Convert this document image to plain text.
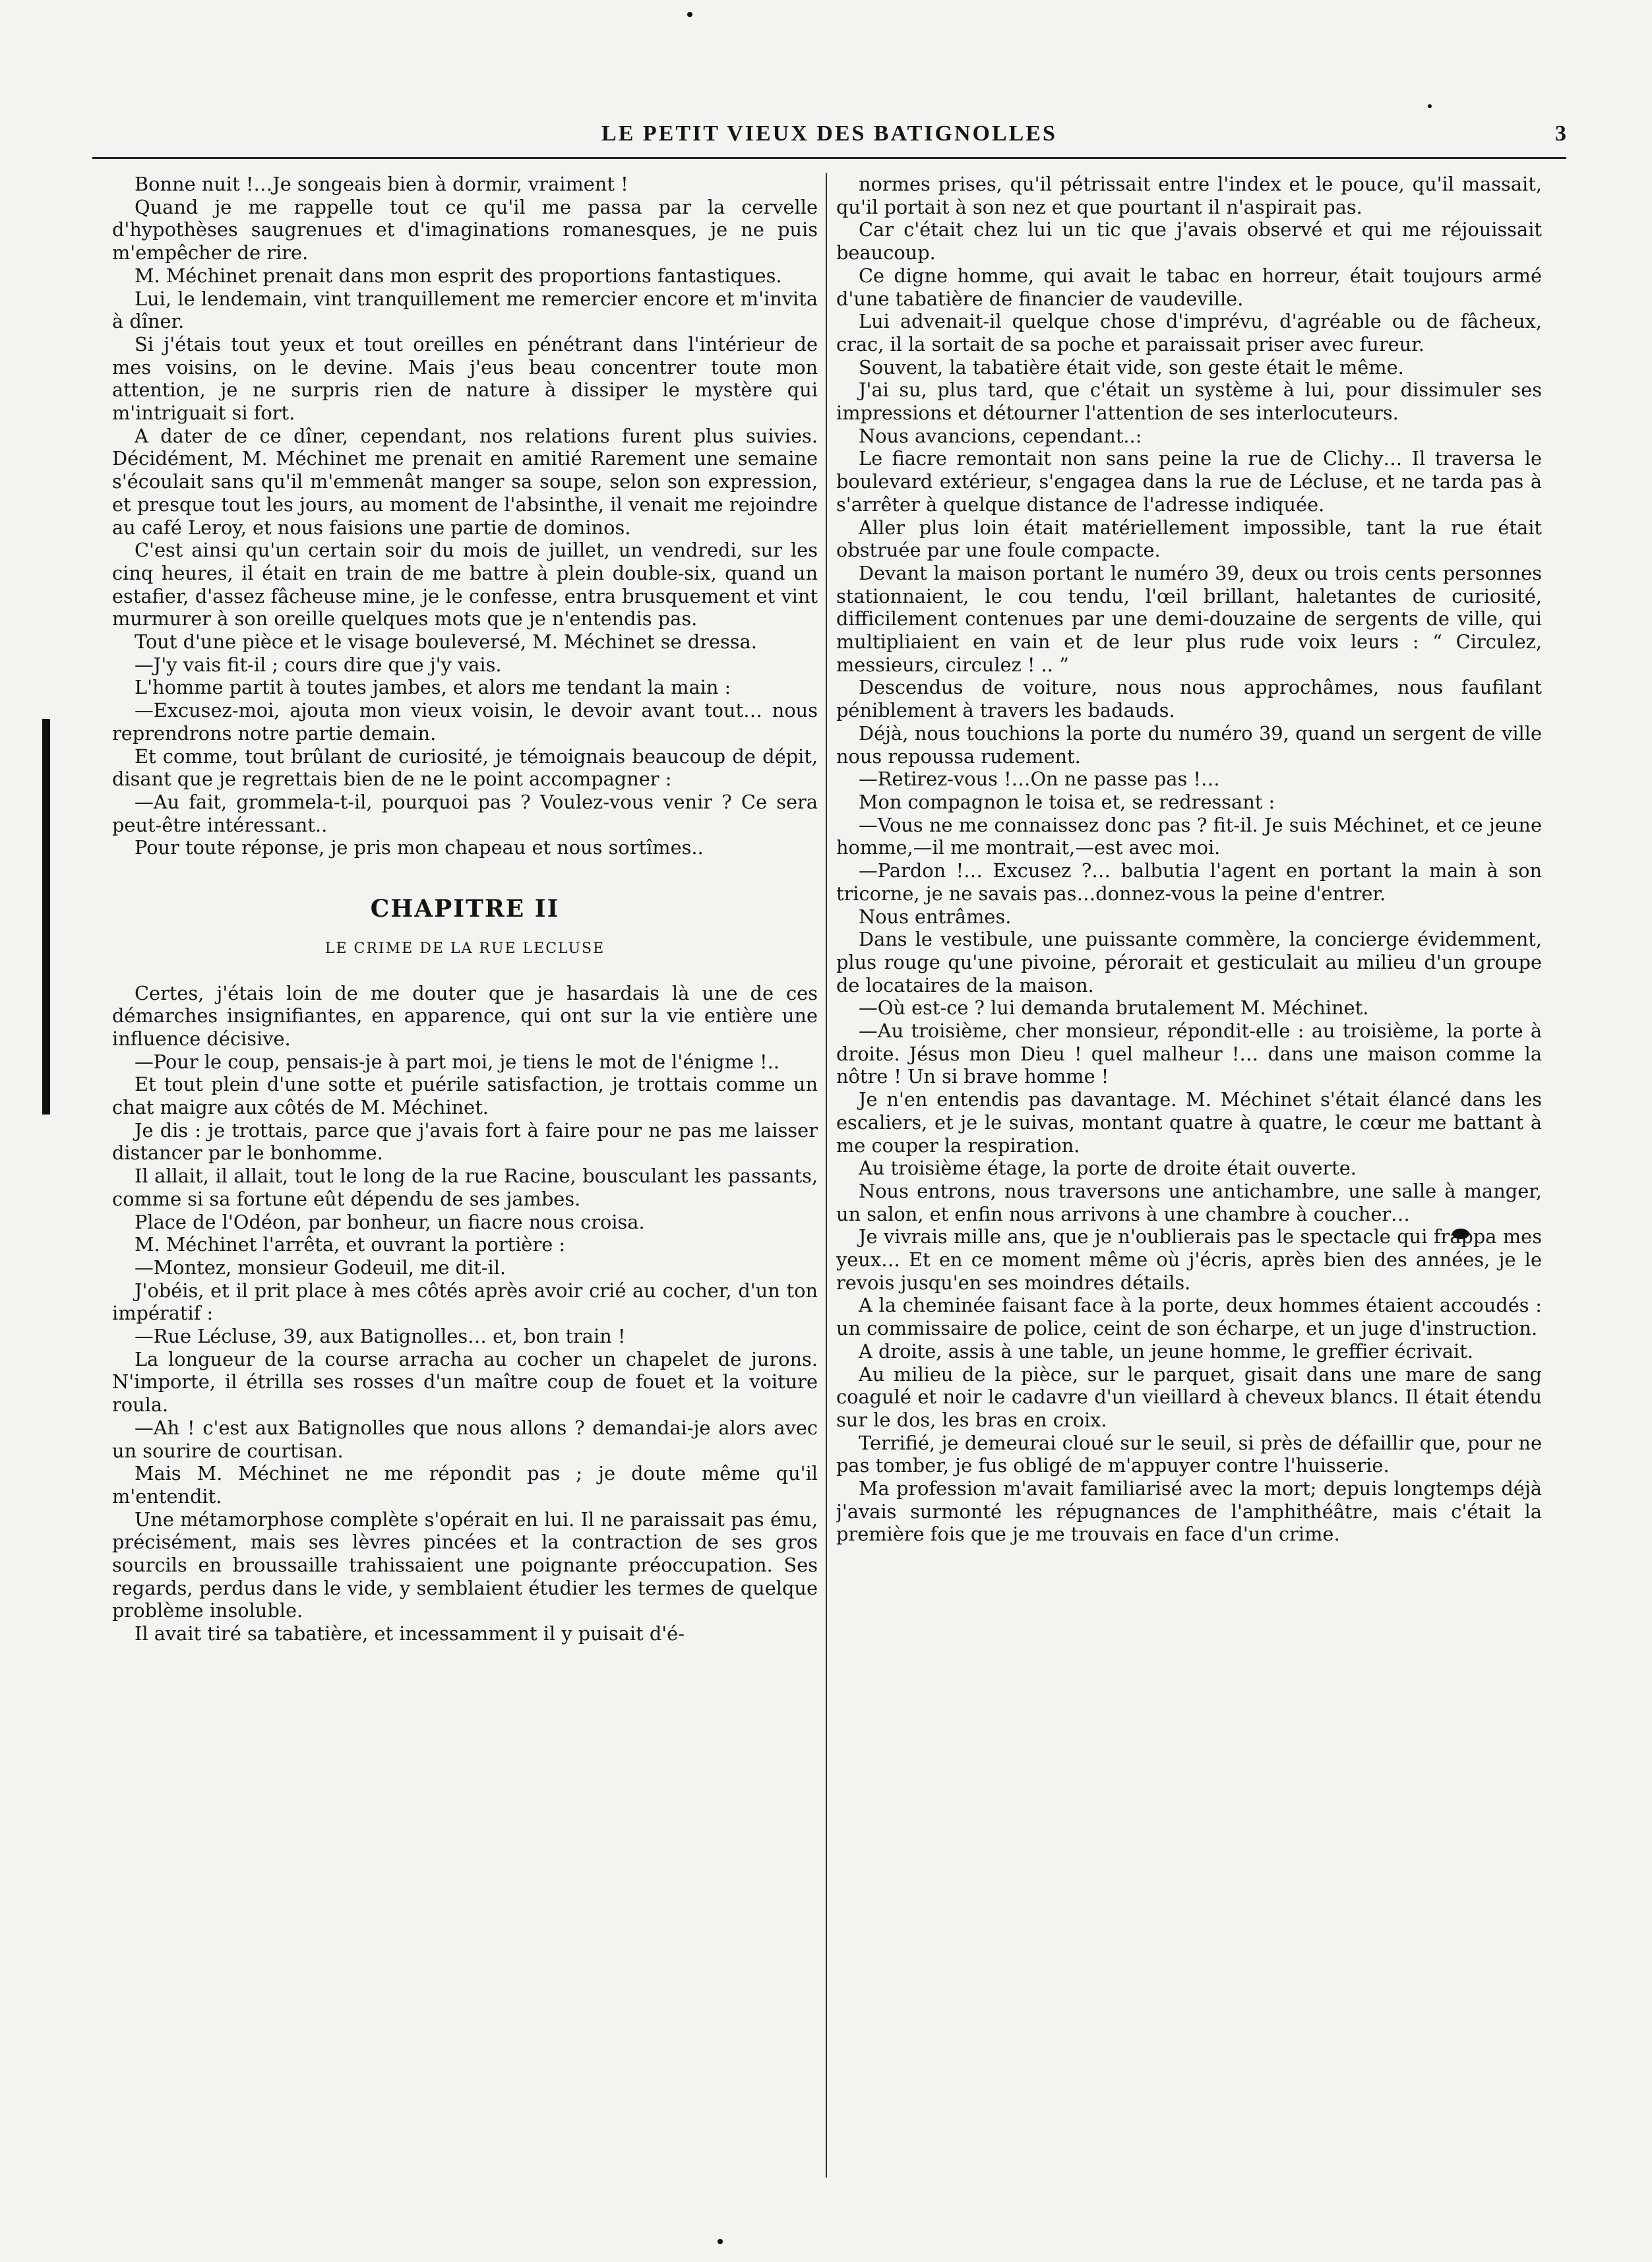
LE PETIT VIEUX DES BATIGNOLLES	3

Bonne nuit !…Je songeais bien à dormir, vraiment !

Quand je me rappelle tout ce qu'il me passa par la cervelle d'hypothèses saugrenues et d'imaginations romanesques, je ne puis m'empêcher de rire.

M. Méchinet prenait dans mon esprit des proportions fantastiques.

Lui, le lendemain, vint tranquillement me remercier encore et m'invita à dîner.

Si j'étais tout yeux et tout oreilles en pénétrant dans l'intérieur de mes voisins, on le devine. Mais j'eus beau concentrer toute mon attention, je ne surpris rien de nature à dissiper le mystère qui m'intriguait si fort.

A dater de ce dîner, cependant, nos relations furent plus suivies. Décidément, M. Méchinet me prenait en amitié Rarement une semaine s'écoulait sans qu'il m'emmenât manger sa soupe, selon son expression, et presque tout les jours, au moment de l'absinthe, il venait me rejoindre au café Leroy, et nous faisions une partie de dominos.

C'est ainsi qu'un certain soir du mois de juillet, un vendredi, sur les cinq heures, il était en train de me battre à plein double-six, quand un estafier, d'assez fâcheuse mine, je le confesse, entra brusquement et vint murmurer à son oreille quelques mots que je n'entendis pas.

Tout d'une pièce et le visage bouleversé, M. Méchinet se dressa.

—J'y vais fit-il ; cours dire que j'y vais.

L'homme partit à toutes jambes, et alors me tendant la main :

—Excusez-moi, ajouta mon vieux voisin, le devoir avant tout… nous reprendrons notre partie demain.

Et comme, tout brûlant de curiosité, je témoignais beaucoup de dépit, disant que je regrettais bien de ne le point accompagner :

—Au fait, grommela-t-il, pourquoi pas ? Voulez-vous venir ? Ce sera peut-être intéressant..

Pour toute réponse, je pris mon chapeau et nous sortîmes..

CHAPITRE II
LE CRIME DE LA RUE LECLUSE

Certes, j'étais loin de me douter que je hasardais là une de ces démarches insignifiantes, en apparence, qui ont sur la vie entière une influence décisive.

—Pour le coup, pensais-je à part moi, je tiens le mot de l'énigme !..

Et tout plein d'une sotte et puérile satisfaction, je trottais comme un chat maigre aux côtés de M. Méchinet.

Je dis : je trottais, parce que j'avais fort à faire pour ne pas me laisser distancer par le bonhomme.

Il allait, il allait, tout le long de la rue Racine, bousculant les passants, comme si sa fortune eût dépendu de ses jambes.

Place de l'Odéon, par bonheur, un fiacre nous croisa.

M. Méchinet l'arrêta, et ouvrant la portière :

—Montez, monsieur Godeuil, me dit-il.

J'obéis, et il prit place à mes côtés après avoir crié au cocher, d'un ton impératif :

—Rue Lécluse, 39, aux Batignolles… et, bon train !

La longueur de la course arracha au cocher un chapelet de jurons. N'importe, il étrilla ses rosses d'un maître coup de fouet et la voiture roula.

—Ah ! c'est aux Batignolles que nous allons ? demandai-je alors avec un sourire de courtisan.

Mais M. Méchinet ne me répondit pas ; je doute même qu'il m'entendit.

Une métamorphose complète s'opérait en lui. Il ne paraissait pas ému, précisément, mais ses lèvres pincées et la contraction de ses gros sourcils en broussaille trahissaient une poignante préoccupation. Ses regards, perdus dans le vide, y semblaient étudier les termes de quelque problème insoluble.

Il avait tiré sa tabatière, et incessamment il y puisait d'é-

normes prises, qu'il pétrissait entre l'index et le pouce, qu'il massait, qu'il portait à son nez et que pourtant il n'aspirait pas.

Car c'était chez lui un tic que j'avais observé et qui me réjouissait beaucoup.

Ce digne homme, qui avait le tabac en horreur, était toujours armé d'une tabatière de financier de vaudeville.

Lui advenait-il quelque chose d'imprévu, d'agréable ou de fâcheux, crac, il la sortait de sa poche et paraissait priser avec fureur.

Souvent, la tabatière était vide, son geste était le même.

J'ai su, plus tard, que c'était un système à lui, pour dissimuler ses impressions et détourner l'attention de ses interlocuteurs.

Nous avancions, cependant..:

Le fiacre remontait non sans peine la rue de Clichy… Il traversa le boulevard extérieur, s'engagea dans la rue de Lécluse, et ne tarda pas à s'arrêter à quelque distance de l'adresse indiquée.

Aller plus loin était matériellement impossible, tant la rue était obstruée par une foule compacte.

Devant la maison portant le numéro 39, deux ou trois cents personnes stationnaient, le cou tendu, l'œil brillant, haletantes de curiosité, difficilement contenues par une demi-douzaine de sergents de ville, qui multipliaient en vain et de leur plus rude voix leurs : “ Circulez, messieurs, circulez ! .. ”

Descendus de voiture, nous nous approchâmes, nous faufilant péniblement à travers les badauds.

Déjà, nous touchions la porte du numéro 39, quand un sergent de ville nous repoussa rudement.

—Retirez-vous !…On ne passe pas !…

Mon compagnon le toisa et, se redressant :

—Vous ne me connaissez donc pas ? fit-il. Je suis Méchinet, et ce jeune homme,—il me montrait,—est avec moi.

—Pardon !… Excusez ?… balbutia l'agent en portant la main à son tricorne, je ne savais pas…donnez-vous la peine d'entrer.

Nous entrâmes.

Dans le vestibule, une puissante commère, la concierge évidemment, plus rouge qu'une pivoine, pérorait et gesticulait au milieu d'un groupe de locataires de la maison.

—Où est-ce ? lui demanda brutalement M. Méchinet.

—Au troisième, cher monsieur, répondit-elle : au troisième, la porte à droite. Jésus mon Dieu ! quel malheur !… dans une maison comme la nôtre ! Un si brave homme !

Je n'en entendis pas davantage. M. Méchinet s'était élancé dans les escaliers, et je le suivas, montant quatre à quatre, le cœur me battant à me couper la respiration.

Au troisième étage, la porte de droite était ouverte.

Nous entrons, nous traversons une antichambre, une salle à manger, un salon, et enfin nous arrivons à une chambre à coucher…

Je vivrais mille ans, que je n'oublierais pas le spectacle qui frappa mes yeux… Et en ce moment même où j'écris, après bien des années, je le revois jusqu'en ses moindres détails.

A la cheminée faisant face à la porte, deux hommes étaient accoudés : un commissaire de police, ceint de son écharpe, et un juge d'instruction.

A droite, assis à une table, un jeune homme, le greffier écrivait.

Au milieu de la pièce, sur le parquet, gisait dans une mare de sang coagulé et noir le cadavre d'un vieillard à cheveux blancs. Il était étendu sur le dos, les bras en croix.

Terrifié, je demeurai cloué sur le seuil, si près de défaillir que, pour ne pas tomber, je fus obligé de m'appuyer contre l'huisserie.

Ma profession m'avait familiarisé avec la mort; depuis longtemps déjà j'avais surmonté les répugnances de l'amphithéâtre, mais c'était la première fois que je me trouvais en face d'un crime.
